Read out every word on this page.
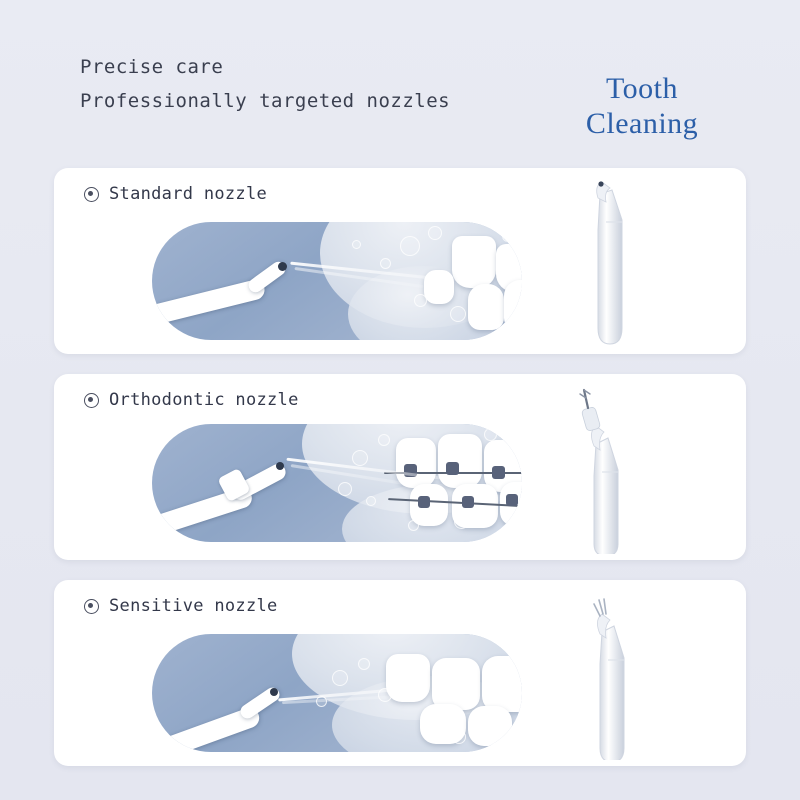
Precise care
Professionally targeted nozzles	Tooth
Cleaning
Standard nozzle
Orthodontic nozzle
Sensitive nozzle
